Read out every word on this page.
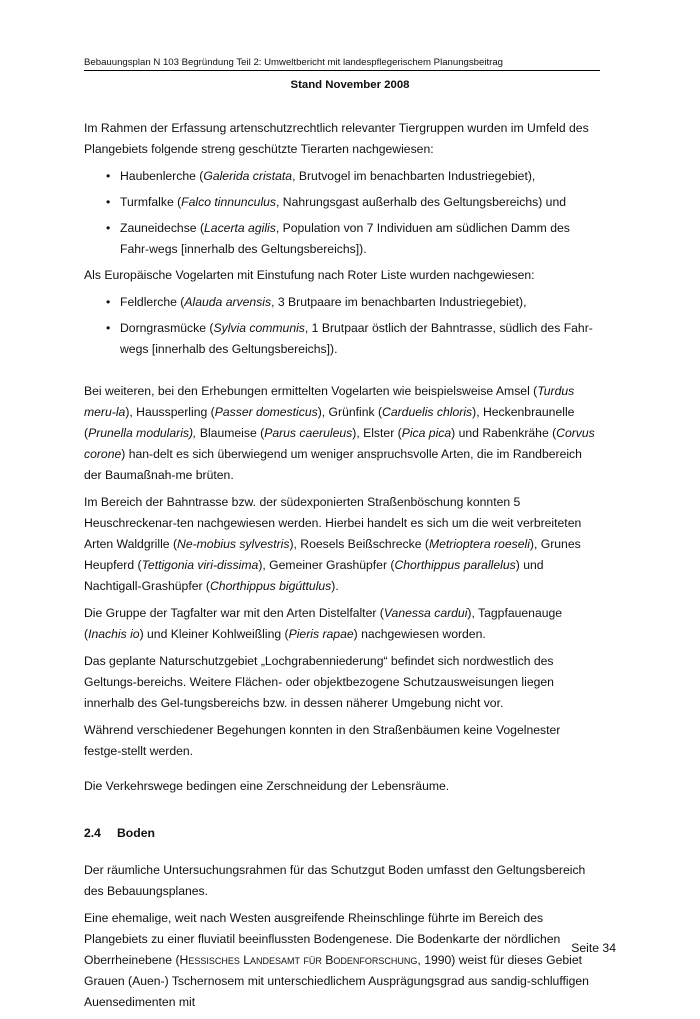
Bebauungsplan N 103 Begründung Teil 2: Umweltbericht mit landespflegerischem Planungsbeitrag
Stand November 2008

Im Rahmen der Erfassung artenschutzrechtlich relevanter Tiergruppen wurden im Umfeld des Plangebiets folgende streng geschützte Tierarten nachgewiesen:

• Haubenlerche (Galerida cristata, Brutvogel im benachbarten Industriegebiet),
• Turmfalke (Falco tinnunculus, Nahrungsgast außerhalb des Geltungsbereichs) und
• Zauneidechse (Lacerta agilis, Population von 7 Individuen am südlichen Damm des Fahr-wegs [innerhalb des Geltungsbereichs]).

Als Europäische Vogelarten mit Einstufung nach Roter Liste wurden nachgewiesen:

• Feldlerche (Alauda arvensis, 3 Brutpaare im benachbarten Industriegebiet),
• Dorngrasmücke (Sylvia communis, 1 Brutpaar östlich der Bahntrasse, südlich des Fahr-wegs [innerhalb des Geltungsbereichs]).

Bei weiteren, bei den Erhebungen ermittelten Vogelarten wie beispielsweise Amsel (Turdus meru-la), Haussperling (Passer domesticus), Grünfink (Carduelis chloris), Heckenbraunelle (Prunella modularis), Blaumeise (Parus caeruleus), Elster (Pica pica) und Rabenkrähe (Corvus corone) han-delt es sich überwiegend um weniger anspruchsvolle Arten, die im Randbereich der Baumaßnah-me brüten.

Im Bereich der Bahntrasse bzw. der südexponierten Straßenböschung konnten 5 Heuschreckenar-ten nachgewiesen werden. Hierbei handelt es sich um die weit verbreiteten Arten Waldgrille (Ne-mobius sylvestris), Roesels Beißschrecke (Metrioptera roeseli), Grunes Heupferd (Tettigonia viri-dissima), Gemeiner Grashüpfer (Chorthippus parallelus) und Nachtigall-Grashüpfer (Chorthippus bigúttulus).

Die Gruppe der Tagfalter war mit den Arten Distelfalter (Vanessa cardui), Tagpfauenauge (Inachis io) und Kleiner Kohlweißling (Pieris rapae) nachgewiesen worden.

Das geplante Naturschutzgebiet „Lochgrabenniederung“ befindet sich nordwestlich des Geltungs-bereichs. Weitere Flächen- oder objektbezogene Schutzausweisungen liegen innerhalb des Gel-tungsbereichs bzw. in dessen näherer Umgebung nicht vor.

Während verschiedener Begehungen konnten in den Straßenbäumen keine Vogelnester festge-stellt werden.

Die Verkehrswege bedingen eine Zerschneidung der Lebensräume.

2.4 Boden

Der räumliche Untersuchungsrahmen für das Schutzgut Boden umfasst den Geltungsbereich des Bebauungsplanes.

Eine ehemalige, weit nach Westen ausgreifende Rheinschlinge führte im Bereich des Plangebiets zu einer fluviatil beeinflussten Bodengenese. Die Bodenkarte der nördlichen Oberrheinebene (Hessisches Landesamt für Bodenforschung, 1990) weist für dieses Gebiet Grauen (Auen-) Tschernosem mit unterschiedlichem Ausprägungsgrad aus sandig-schluffigen Auensedimenten mit

Seite 34
